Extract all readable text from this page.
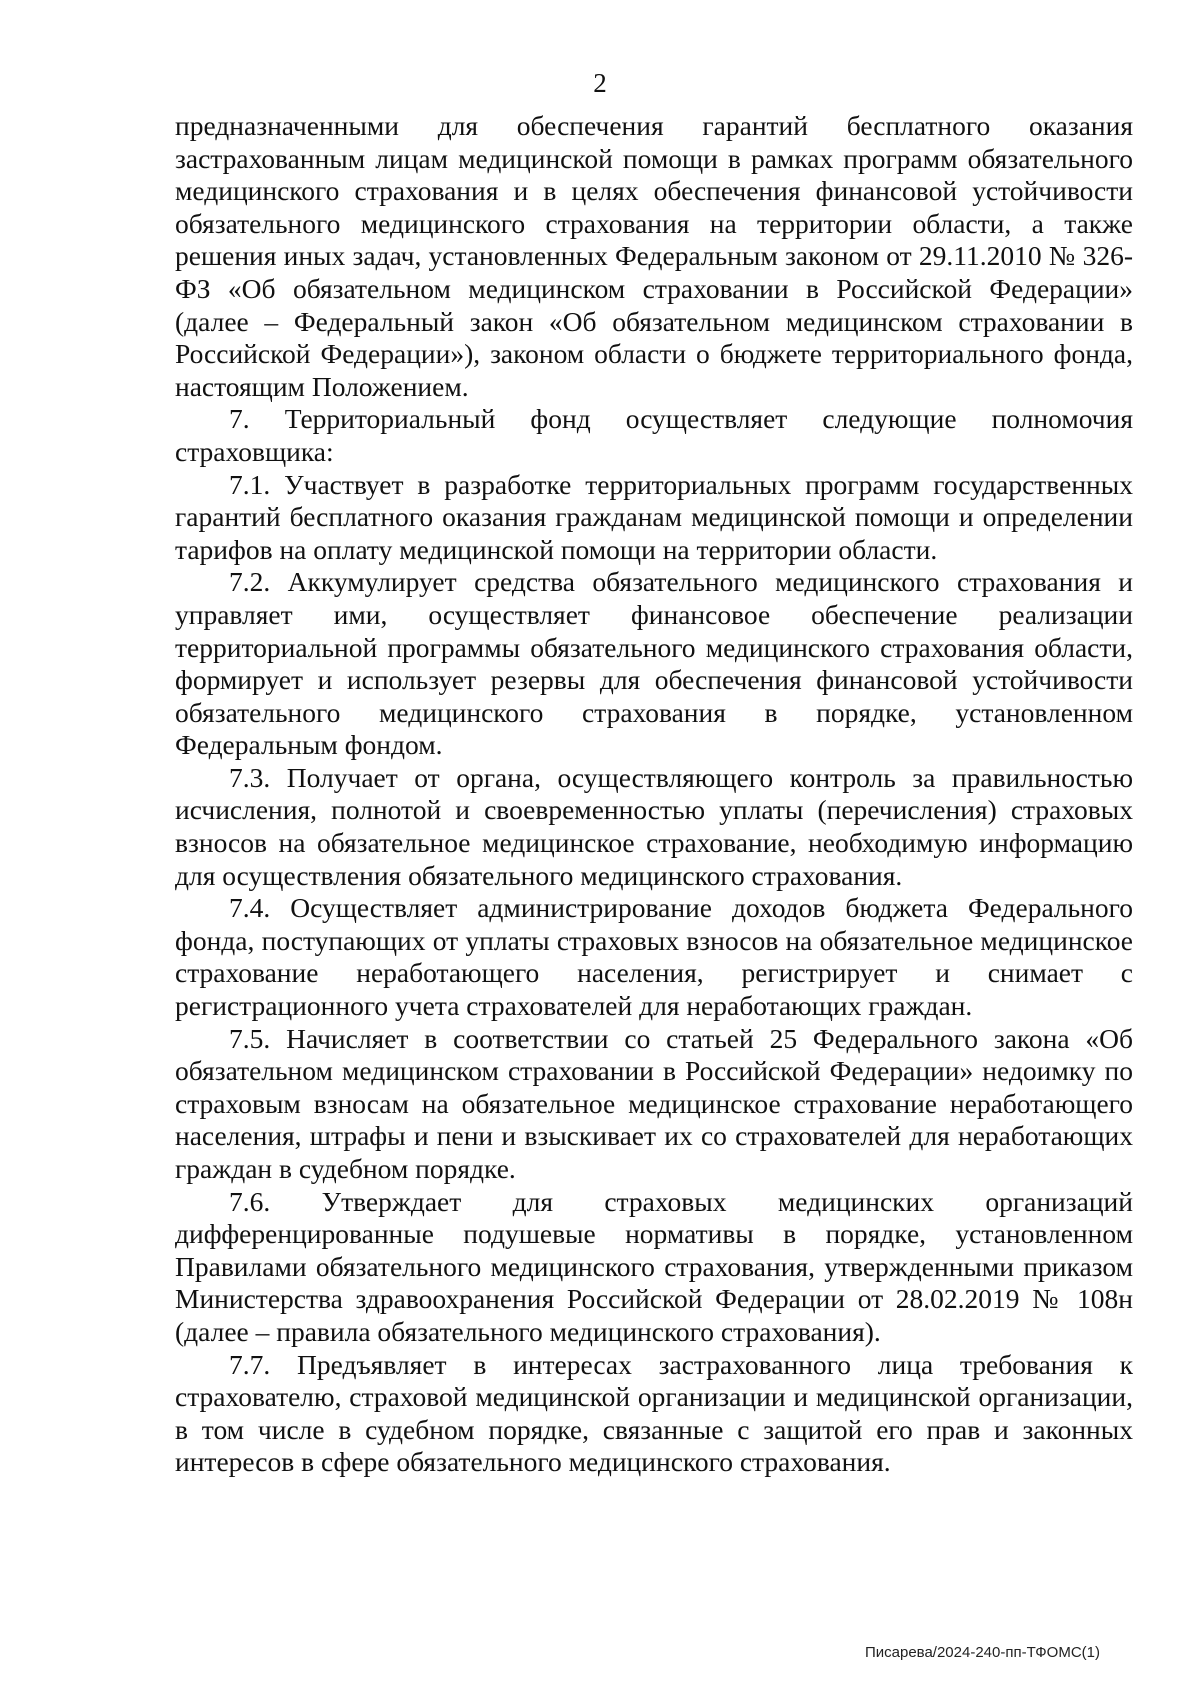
2

предназначенными для обеспечения гарантий бесплатного оказания застрахованным лицам медицинской помощи в рамках программ обязательного медицинского страхования и в целях обеспечения финансовой устойчивости обязательного медицинского страхования на территории области, а также решения иных задач, установленных Федеральным законом от 29.11.2010 № 326-ФЗ «Об обязательном медицинском страховании в Российской Федерации» (далее – Федеральный закон «Об обязательном медицинском страховании в Российской Федерации»), законом области о бюджете территориального фонда, настоящим Положением.

7. Территориальный фонд осуществляет следующие полномочия страховщика:

7.1. Участвует в разработке территориальных программ государственных гарантий бесплатного оказания гражданам медицинской помощи и определении тарифов на оплату медицинской помощи на территории области.

7.2. Аккумулирует средства обязательного медицинского страхования и управляет ими, осуществляет финансовое обеспечение реализации территориальной программы обязательного медицинского страхования области, формирует и использует резервы для обеспечения финансовой устойчивости обязательного медицинского страхования в порядке, установленном Федеральным фондом.

7.3. Получает от органа, осуществляющего контроль за правильностью исчисления, полнотой и своевременностью уплаты (перечисления) страховых взносов на обязательное медицинское страхование, необходимую информацию для осуществления обязательного медицинского страхования.

7.4. Осуществляет администрирование доходов бюджета Федерального фонда, поступающих от уплаты страховых взносов на обязательное медицинское страхование неработающего населения, регистрирует и снимает с регистрационного учета страхователей для неработающих граждан.

7.5. Начисляет в соответствии со статьей 25 Федерального закона «Об обязательном медицинском страховании в Российской Федерации» недоимку по страховым взносам на обязательное медицинское страхование неработающего населения, штрафы и пени и взыскивает их со страхователей для неработающих граждан в судебном порядке.

7.6. Утверждает для страховых медицинских организаций дифференцированные подушевые нормативы в порядке, установленном Правилами обязательного медицинского страхования, утвержденными приказом Министерства здравоохранения Российской Федерации от 28.02.2019 № 108н (далее – правила обязательного медицинского страхования).

7.7. Предъявляет в интересах застрахованного лица требования к страхователю, страховой медицинской организации и медицинской организации, в том числе в судебном порядке, связанные с защитой его прав и законных интересов в сфере обязательного медицинского страхования.

Писарева/2024-240-пп-ТФОМС(1)
